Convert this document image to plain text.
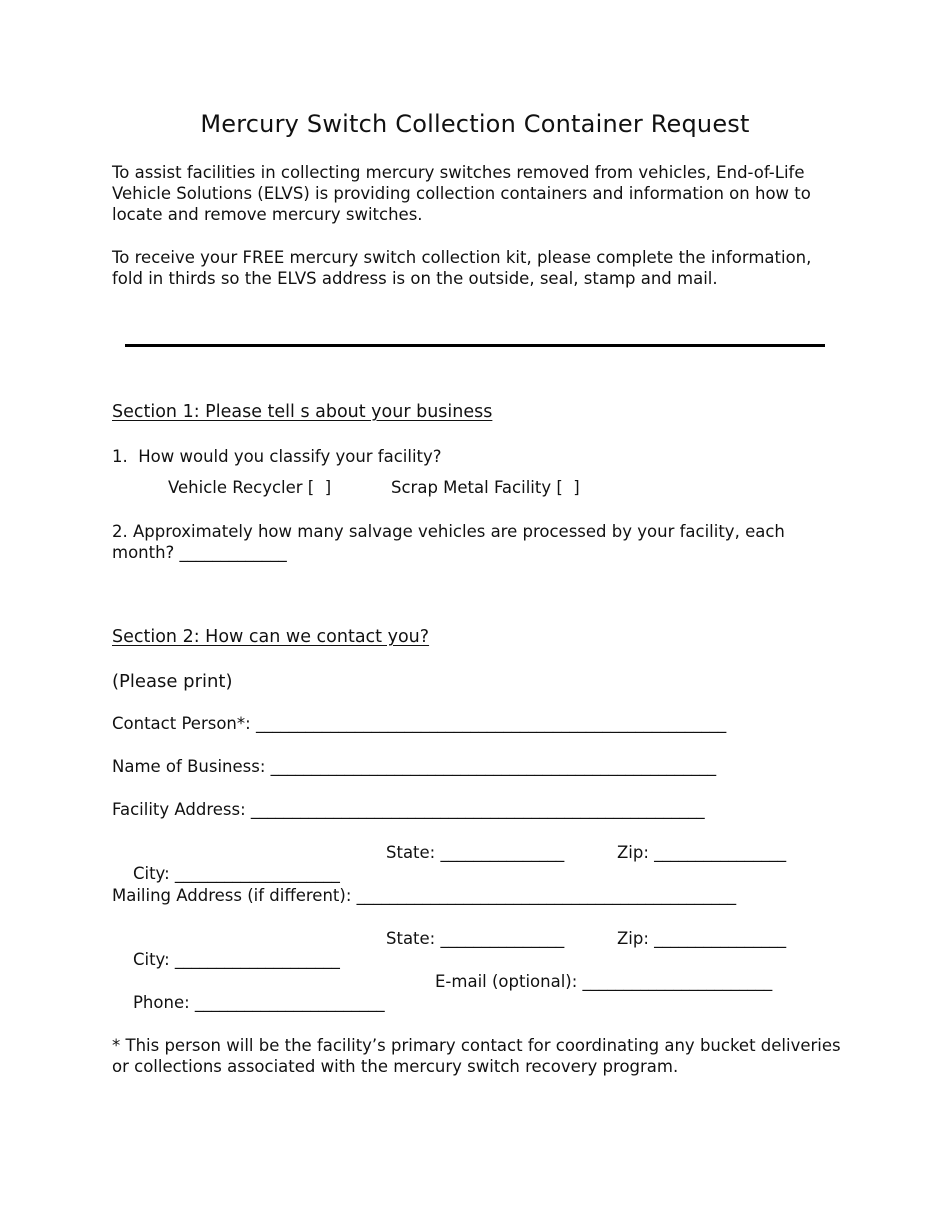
Mercury Switch Collection Container Request

To assist facilities in collecting mercury switches removed from vehicles, End-of-Life Vehicle Solutions (ELVS) is providing collection containers and information on how to locate and remove mercury switches.

To receive your FREE mercury switch collection kit, please complete the information, fold in thirds so the ELVS address is on the outside, seal, stamp and mail.

Section 1: Please tell s about your business

1.  How would you classify your facility?

Vehicle Recycler [  ]	Scrap Metal Facility [  ]

2. Approximately how many salvage vehicles are processed by your facility, each month? _____________

Section 2: How can we contact you?

(Please print)

Contact Person*: _________________________________________________________

Name of Business: ______________________________________________________

Facility Address: _______________________________________________________

City: ____________________

State: _______________	Zip: ________________

Mailing Address (if different): ______________________________________________

City: ____________________

State: _______________	Zip: ________________

Phone: _______________________

E-mail (optional): _______________________

* This person will be the facility’s primary contact for coordinating any bucket deliveries or collections associated with the mercury switch recovery program.
